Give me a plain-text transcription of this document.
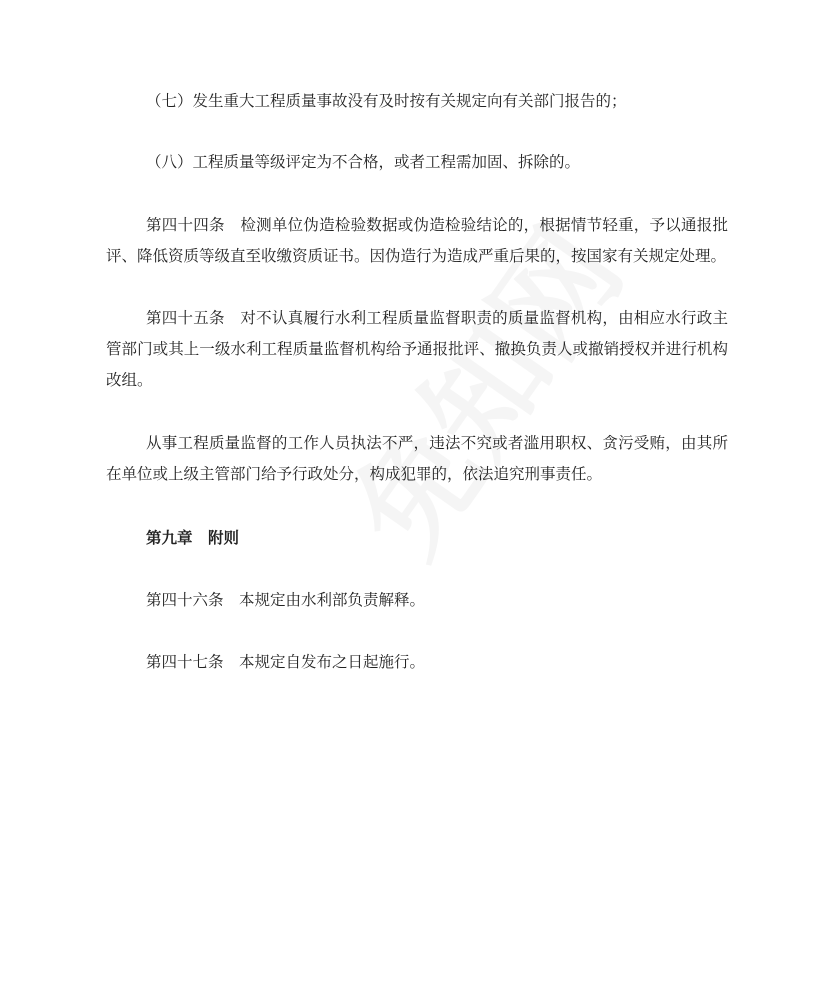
（七）发生重大工程质量事故没有及时按有关规定向有关部门报告的；

（八）工程质量等级评定为不合格，或者工程需加固、拆除的。

第四十四条　检测单位伪造检验数据或伪造检验结论的，根据情节轻重，予以通报批评、降低资质等级直至收缴资质证书。因伪造行为造成严重后果的，按国家有关规定处理。

第四十五条　对不认真履行水利工程质量监督职责的质量监督机构，由相应水行政主管部门或其上一级水利工程质量监督机构给予通报批评、撤换负责人或撤销授权并进行机构改组。

从事工程质量监督的工作人员执法不严，违法不究或者滥用职权、贪污受贿，由其所在单位或上级主管部门给予行政处分，构成犯罪的，依法追究刑事责任。

第九章　附则

第四十六条　本规定由水利部负责解释。

第四十七条　本规定自发布之日起施行。
